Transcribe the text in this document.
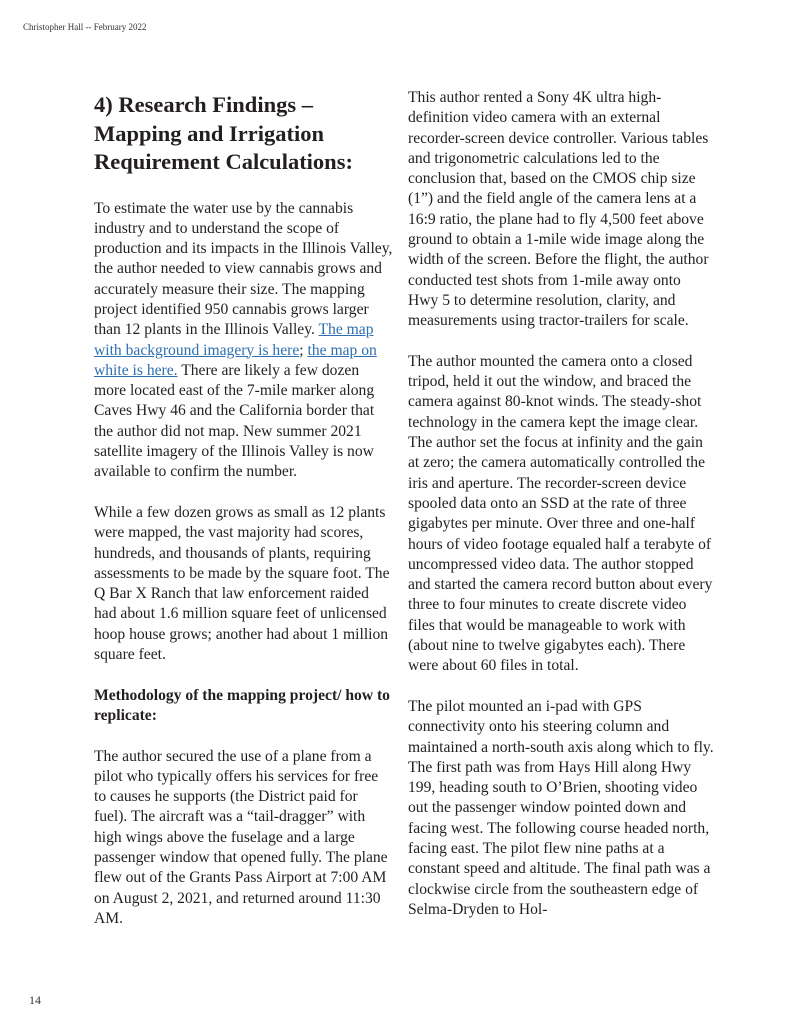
Christopher Hall -- February 2022
4) Research Findings – Mapping and Irrigation Requirement Calculations:

To estimate the water use by the cannabis industry and to understand the scope of production and its impacts in the Illinois Valley, the author needed to view cannabis grows and accurately measure their size. The mapping project identified 950 cannabis grows larger than 12 plants in the Illinois Valley. The map with background imagery is here; the map on white is here. There are likely a few dozen more located east of the 7-mile marker along Caves Hwy 46 and the California border that the author did not map. New summer 2021 satellite imagery of the Illinois Valley is now available to confirm the number.

While a few dozen grows as small as 12 plants were mapped, the vast majority had scores, hundreds, and thousands of plants, requiring assessments to be made by the square foot. The Q Bar X Ranch that law enforcement raided had about 1.6 million square feet of unlicensed hoop house grows; another had about 1 million square feet.

Methodology of the mapping project/ how to replicate:

The author secured the use of a plane from a pilot who typically offers his services for free to causes he supports (the District paid for fuel). The aircraft was a “tail-dragger” with high wings above the fuselage and a large passenger window that opened fully. The plane flew out of the Grants Pass Airport at 7:00 AM on August 2, 2021, and returned around 11:30 AM.

This author rented a Sony 4K ultra high-definition video camera with an external recorder-screen device controller. Various tables and trigonometric calculations led to the conclusion that, based on the CMOS chip size (1”) and the field angle of the camera lens at a 16:9 ratio, the plane had to fly 4,500 feet above ground to obtain a 1-mile wide image along the width of the screen. Before the flight, the author conducted test shots from 1-mile away onto Hwy 5 to determine resolution, clarity, and measurements using tractor-trailers for scale.

The author mounted the camera onto a closed tripod, held it out the window, and braced the camera against 80-knot winds. The steady-shot technology in the camera kept the image clear. The author set the focus at infinity and the gain at zero; the camera automatically controlled the iris and aperture. The recorder-screen device spooled data onto an SSD at the rate of three gigabytes per minute. Over three and one-half hours of video footage equaled half a terabyte of uncompressed video data. The author stopped and started the camera record button about every three to four minutes to create discrete video files that would be manageable to work with (about nine to twelve gigabytes each). There were about 60 files in total.

The pilot mounted an i-pad with GPS connectivity onto his steering column and maintained a north-south axis along which to fly. The first path was from Hays Hill along Hwy 199, heading south to O’Brien, shooting video out the passenger window pointed down and facing west. The following course headed north, facing east. The pilot flew nine paths at a constant speed and altitude. The final path was a clockwise circle from the southeastern edge of Selma-Dryden to Hol-

14
